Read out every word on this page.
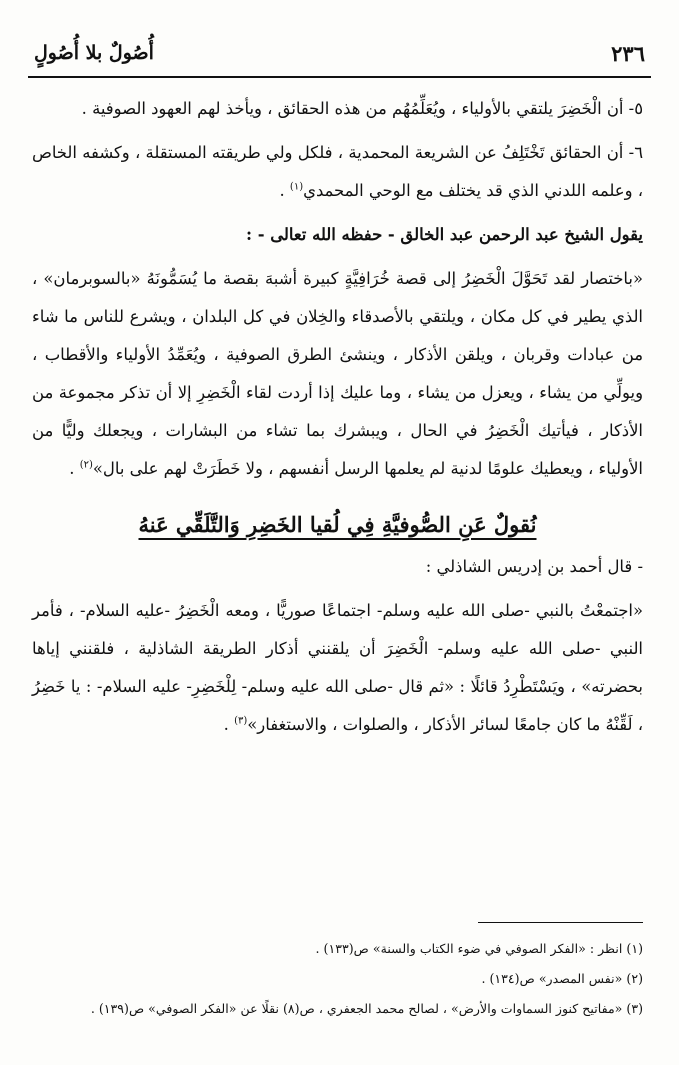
٢٣٦
أُصُولٌ بلا أُصُولٍ

٥- أن الْخَضِرَ يلتقي بالأولياء ، ويُعَلِّمُهُم من هذه الحقائق ، ويأخذ لهم العهود الصوفية .

٦- أن الحقائق تَخْتَلِفُ عن الشريعة المحمدية ، فلكل ولي طريقته المستقلة ، وكشفه الخاص ، وعلمه اللدني الذي قد يختلف مع الوحي المحمدي$^{(١)}$ .

يقول الشيخ عبد الرحمن عبد الخالق - حفظه الله تعالى - :

«باختصار لقد تَحَوَّلَ الْخَضِرُ إلى قصة خُرَافِيَّةٍ كبيرة أشبهَ بقصة ما يُسَمُّونَهُ «بالسوبرمان» ، الذي يطير في كل مكان ، ويلتقي بالأصدقاء والخِلان في كل البلدان ، ويشرع للناس ما شاء من عبادات وقربان ، ويلقن الأذكار ، وينشئ الطرق الصوفية ، ويُعَمِّدُ الأولياء والأقطاب ، ويولِّي من يشاء ، ويعزل من يشاء ، وما عليك إذا أردت لقاء الْخَضِرِ إلا أن تذكر مجموعة من الأذكار ، فيأتيك الْخَضِرُ في الحال ، ويبشرك بما تشاء من البشارات ، ويجعلك وليًّا من الأولياء ، ويعطيك علومًا لدنية لم يعلمها الرسل أنفسهم ، ولا خَطَرَتْ لهم على بال»$^{(٢)}$ .

نُقولٌ عَنِ الصُّوفيَّةِ فِي لُقيا الخَضِرِ وَالتَّلَقِّي عَنهُ

- قال أحمد بن إدريس الشاذلي :

«اجتمعْتُ بالنبي -صلى الله عليه وسلم- اجتماعًا صوريًّا ، ومعه الْخَضِرُ -عليه السلام- ، فأمر النبي -صلى الله عليه وسلم- الْخَضِرَ أن يلقنني أذكار الطريقة الشاذلية ، فلقنني إياها بحضرته» ، ويَسْتَطْرِدُ قائلًا : «ثم قال -صلى الله عليه وسلم- لِلْخَضِرِ- عليه السلام- : يا خَضِرُ ، لَقِّنْهُ ما كان جامعًا لسائر الأذكار ، والصلوات ، والاستغفار»$^{(٣)}$ .

(١) انظر : «الفكر الصوفي في ضوء الكتاب والسنة» ص(١٣٣) .

(٢) «نفس المصدر» ص(١٣٤) .

(٣) «مفاتيح كنوز السماوات والأرض» ، لصالح محمد الجعفري ، ص(٨) نقلًا عن «الفكر الصوفي» ص(١٣٩) .
